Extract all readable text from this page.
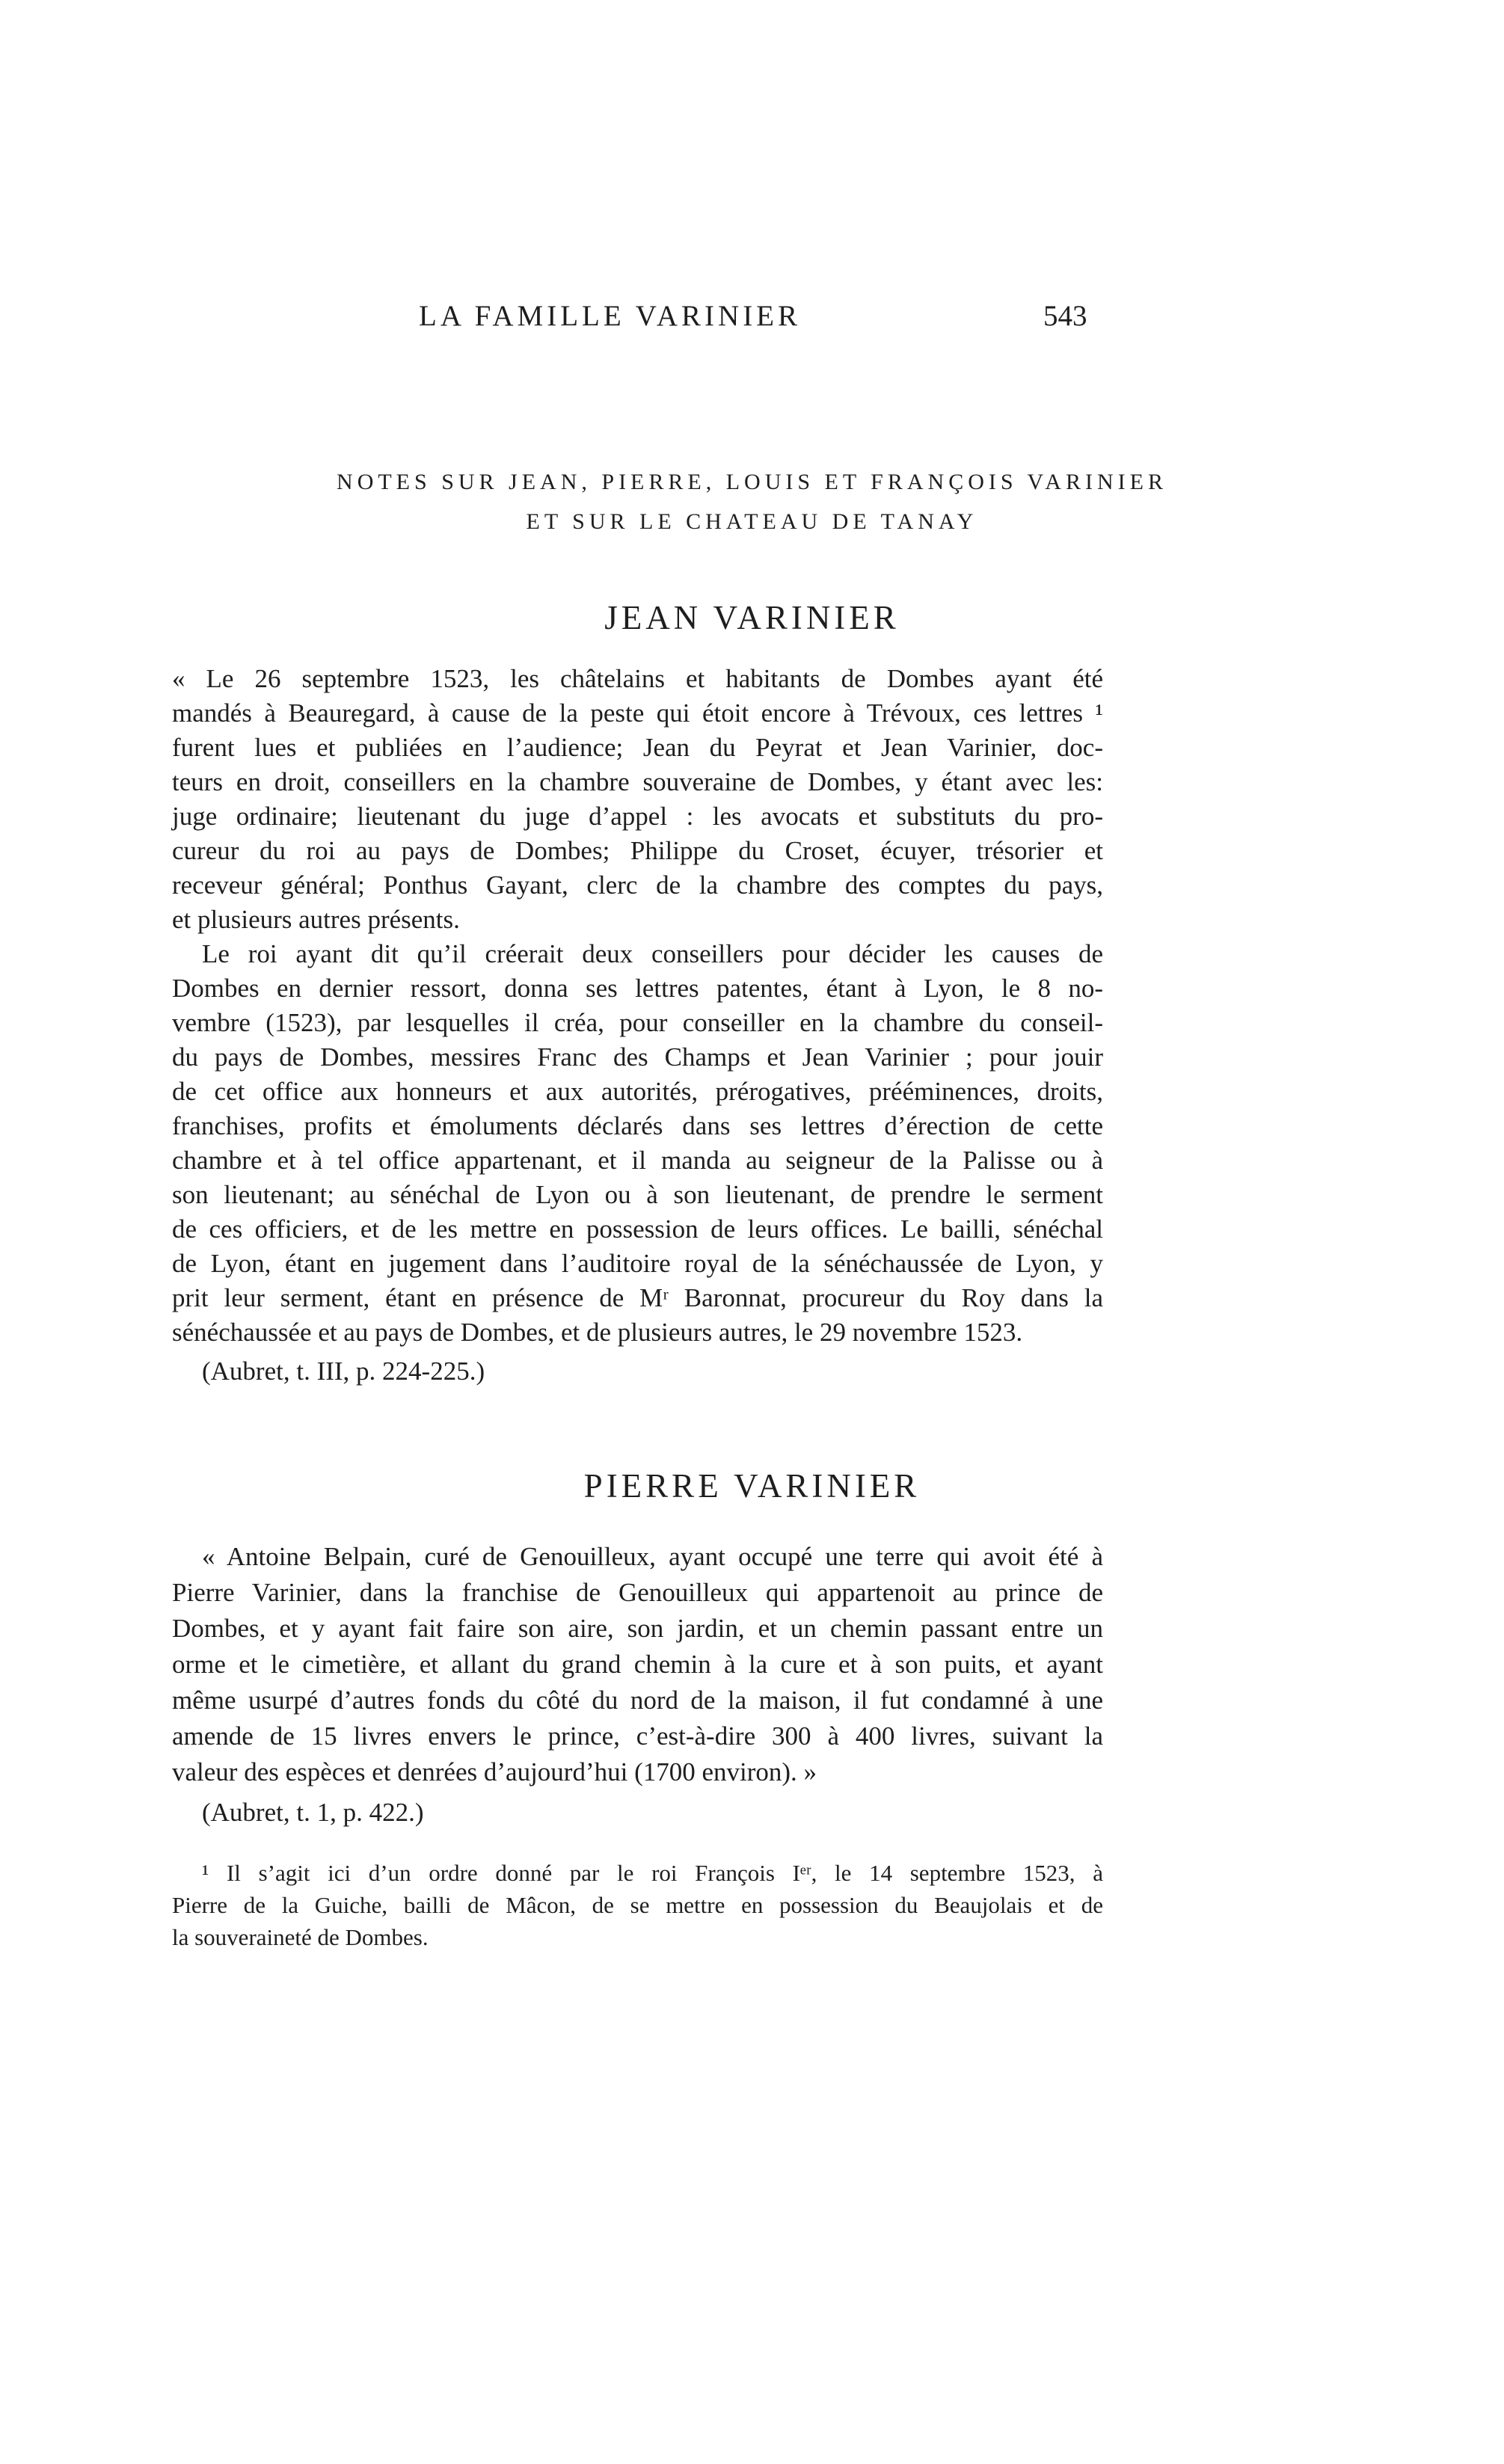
LA FAMILLE VARINIER	543
NOTES SUR JEAN, PIERRE, LOUIS ET FRANÇOIS VARINIER
ET SUR LE CHATEAU DE TANAY
JEAN VARINIER
« Le 26 septembre 1523, les châtelains et habitants de Dombes ayant été
mandés à Beauregard, à cause de la peste qui étoit encore à Trévoux, ces lettres ¹
furent lues et publiées en l’audience; Jean du Peyrat et Jean Varinier, doc-
teurs en droit, conseillers en la chambre souveraine de Dombes, y étant avec les:
juge ordinaire; lieutenant du juge d’appel : les avocats et substituts du pro-
cureur du roi au pays de Dombes; Philippe du Croset, écuyer, trésorier et
receveur général; Ponthus Gayant, clerc de la chambre des comptes du pays,
et plusieurs autres présents.
Le roi ayant dit qu’il créerait deux conseillers pour décider les causes de
Dombes en dernier ressort, donna ses lettres patentes, étant à Lyon, le 8 no-
vembre (1523), par lesquelles il créa, pour conseiller en la chambre du conseil-
du pays de Dombes, messires Franc des Champs et Jean Varinier ; pour jouir
de cet office aux honneurs et aux autorités, prérogatives, prééminences, droits,
franchises, profits et émoluments déclarés dans ses lettres d’érection de cette
chambre et à tel office appartenant, et il manda au seigneur de la Palisse ou à
son lieutenant; au sénéchal de Lyon ou à son lieutenant, de prendre le serment
de ces officiers, et de les mettre en possession de leurs offices. Le bailli, sénéchal
de Lyon, étant en jugement dans l’auditoire royal de la sénéchaussée de Lyon, y
prit leur serment, étant en présence de Mʳ Baronnat, procureur du Roy dans la
sénéchaussée et au pays de Dombes, et de plusieurs autres, le 29 novembre 1523.
(Aubret, t. III, p. 224-225.)
PIERRE VARINIER
« Antoine Belpain, curé de Genouilleux, ayant occupé une terre qui avoit été à
Pierre Varinier, dans la franchise de Genouilleux qui appartenoit au prince de
Dombes, et y ayant fait faire son aire, son jardin, et un chemin passant entre un
orme et le cimetière, et allant du grand chemin à la cure et à son puits, et ayant
même usurpé d’autres fonds du côté du nord de la maison, il fut condamné à une
amende de 15 livres envers le prince, c’est-à-dire 300 à 400 livres, suivant la
valeur des espèces et denrées d’aujourd’hui (1700 environ). »
(Aubret, t. 1, p. 422.)
¹ Il s’agit ici d’un ordre donné par le roi François Iᵉʳ, le 14 septembre 1523, à
Pierre de la Guiche, bailli de Mâcon, de se mettre en possession du Beaujolais et de
la souveraineté de Dombes.
